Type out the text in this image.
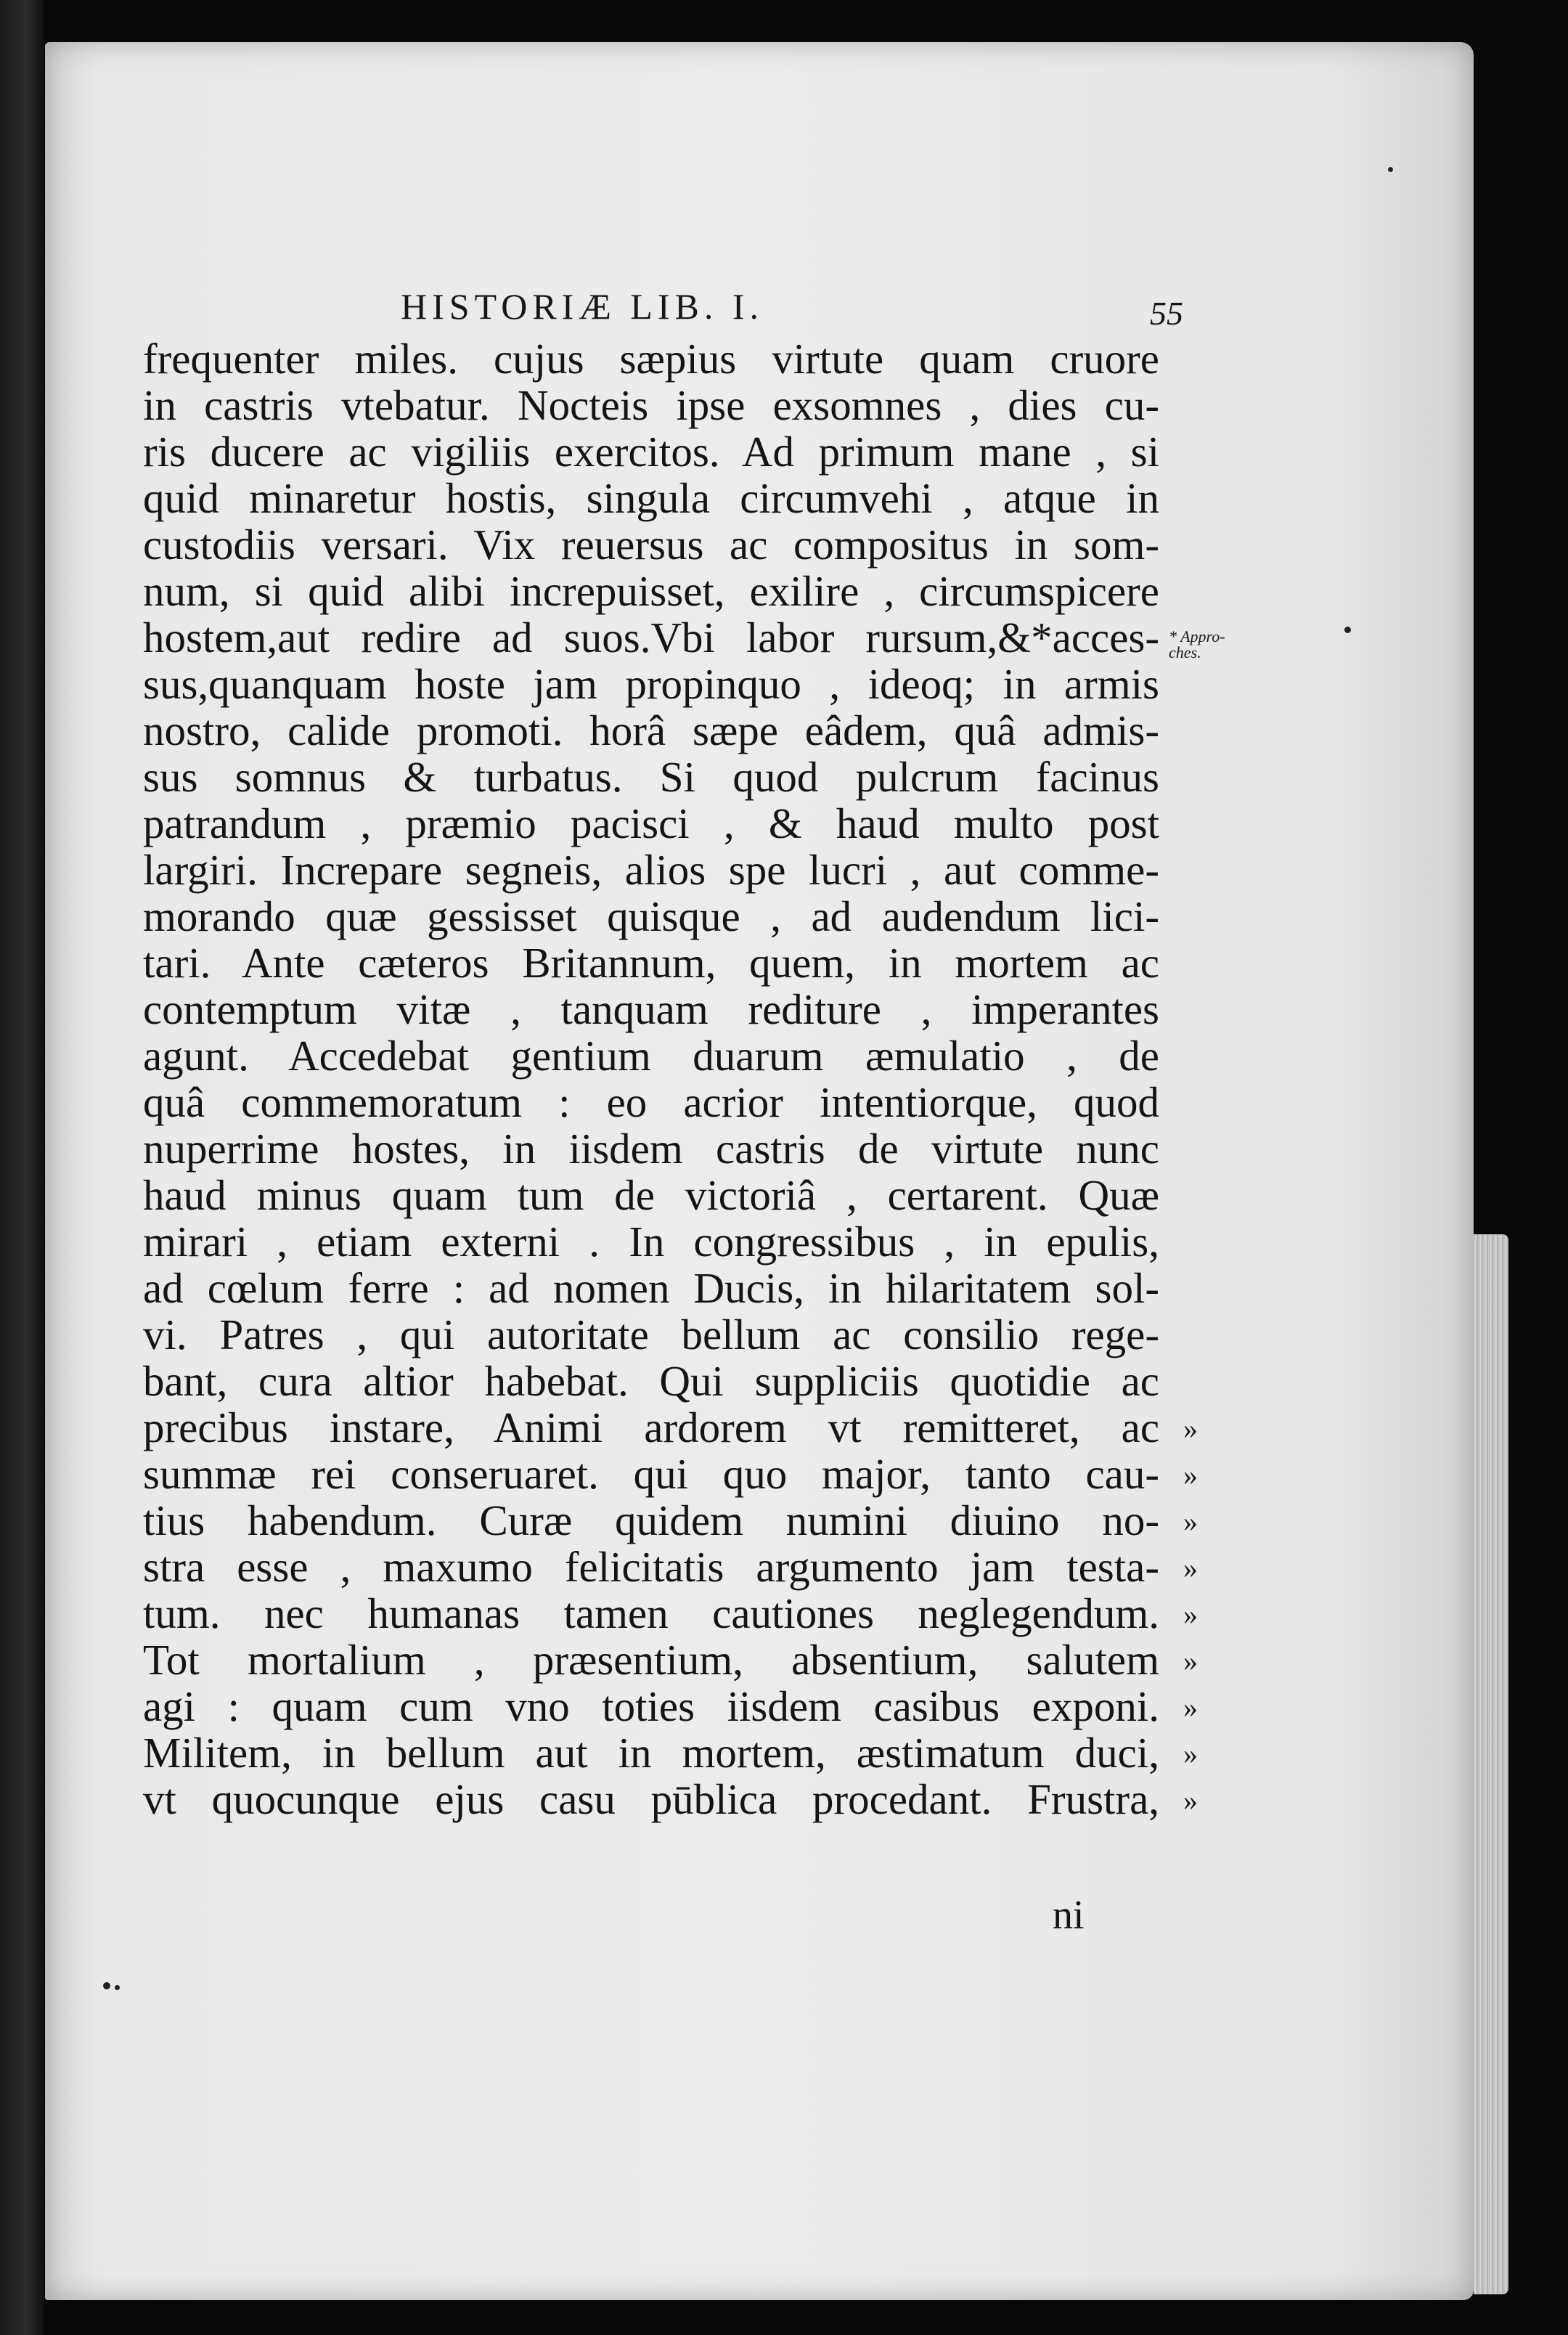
HISTORIÆ LIB. I.	55
frequenter miles. cujus sæpius virtute quam cruore
in castris vtebatur. Nocteis ipse exsomnes , dies cu-
ris ducere ac vigiliis exercitos. Ad primum mane , si
quid minaretur hostis, singula circumvehi , atque in
custodiis versari. Vix reuersus ac compositus in som-
num, si quid alibi increpuisset, exilire , circumspicere
hostem,aut redire ad suos.Vbi labor rursum,&*acces-
sus,quanquam hoste jam propinquo , ideoq; in armis
nostro, calide promoti. horâ sæpe eâdem, quâ admis-
sus somnus & turbatus. Si quod pulcrum facinus
patrandum , præmio pacisci , & haud multo post
largiri. Increpare segneis, alios spe lucri , aut comme-
morando quæ gessisset quisque , ad audendum lici-
tari. Ante cæteros Britannum, quem, in mortem ac
contemptum vitæ , tanquam rediture , imperantes
agunt. Accedebat gentium duarum æmulatio , de
quâ commemoratum : eo acrior intentiorque, quod
nuperrime hostes, in iisdem castris de virtute nunc
haud minus quam tum de victoriâ , certarent. Quæ
mirari , etiam externi . In congressibus , in epulis,
ad cœlum ferre : ad nomen Ducis, in hilaritatem sol-
vi. Patres , qui autoritate bellum ac consilio rege-
bant, cura altior habebat. Qui suppliciis quotidie ac
precibus instare, Animi ardorem vt remitteret, ac
summæ rei conseruaret. qui quo major, tanto cau-
tius habendum. Curæ quidem numini diuino no-
stra esse , maxumo felicitatis argumento jam testa-
tum. nec humanas tamen cautiones neglegendum.
Tot mortalium , præsentium, absentium, salutem
agi : quam cum vno toties iisdem casibus exponi.
Militem, in bellum aut in mortem, æstimatum duci,
vt quocunque ejus casu pūblica procedant. Frustra,
* Appro-ches.
»
»
»
»
»
»
»
»
»
ni
